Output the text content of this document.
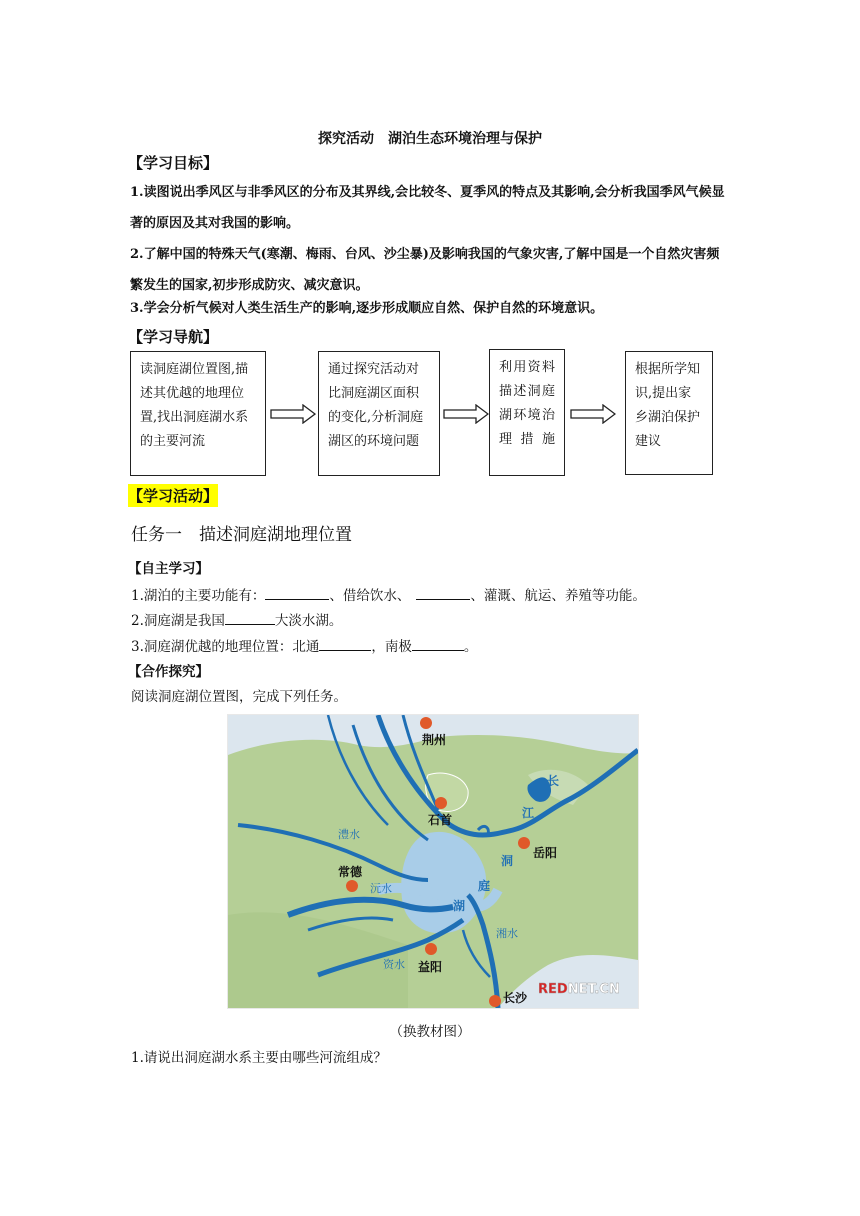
探究活动　湖泊生态环境治理与保护
【学习目标】
1.读图说出季风区与非季风区的分布及其界线,会比较冬、夏季风的特点及其影响,会分析我国季风气候显著的原因及其对我国的影响。
2.了解中国的特殊天气(寒潮、梅雨、台风、沙尘暴)及影响我国的气象灾害,了解中国是一个自然灾害频繁发生的国家,初步形成防灾、减灾意识。
3.学会分析气候对人类生活生产的影响,逐步形成顺应自然、保护自然的环境意识。
【学习导航】
读洞庭湖位置图,描述其优越的地理位置,找出洞庭湖水系的主要河流
通过探究活动对比洞庭湖区面积的变化,分析洞庭湖区的环境问题
利用资料描述洞庭湖环境治理措施
根据所学知识,提出家乡湖泊保护建议
【学习活动】
任务一　描述洞庭湖地理位置
【自主学习】
1.湖泊的主要功能有：	、借给饮水、	、灌溉、航运、养殖等功能。
2.洞庭湖是我国	大淡水湖。
3.洞庭湖优越的地理位置：北通	，南极	。
【合作探究】
阅读洞庭湖位置图，完成下列任务。
荆州
石首
岳阳
常德
益阳
长沙
澧水
沅水
资水
湘水
洞
庭
湖
长
江
REDNET.CN
（换教材图）
1.请说出洞庭湖水系主要由哪些河流组成？
